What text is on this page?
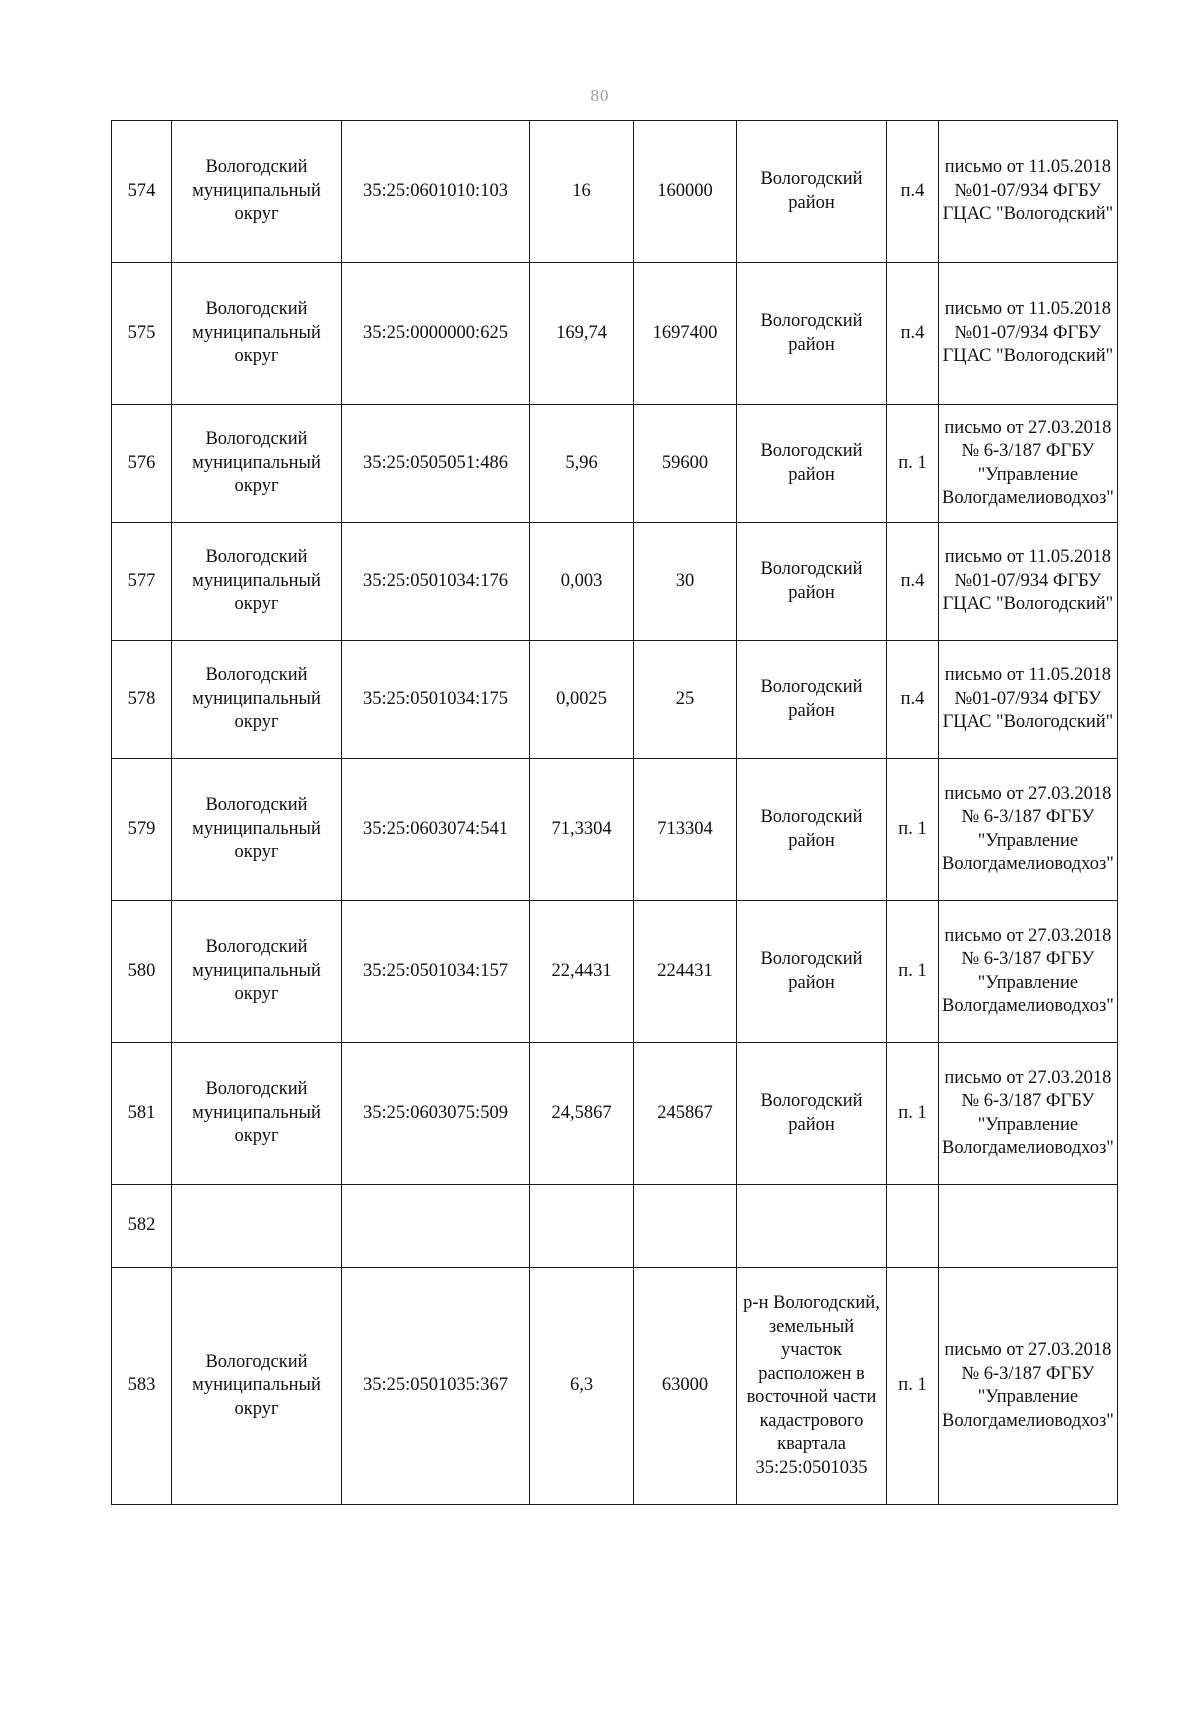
80
574	Вологодский муниципальный округ	35:25:0601010:103	16	160000	Вологодский район	п.4	письмо от 11.05.2018 №01-07/934 ФГБУ ГЦАС "Вологодский"
575	Вологодский муниципальный округ	35:25:0000000:625	169,74	1697400	Вологодский район	п.4	письмо от 11.05.2018 №01-07/934 ФГБУ ГЦАС "Вологодский"
576	Вологодский муниципальный округ	35:25:0505051:486	5,96	59600	Вологодский район	п. 1	письмо от 27.03.2018 № 6-3/187 ФГБУ "Управление Вологдамелиоводхоз"
577	Вологодский муниципальный округ	35:25:0501034:176	0,003	30	Вологодский район	п.4	письмо от 11.05.2018 №01-07/934 ФГБУ ГЦАС "Вологодский"
578	Вологодский муниципальный округ	35:25:0501034:175	0,0025	25	Вологодский район	п.4	письмо от 11.05.2018 №01-07/934 ФГБУ ГЦАС "Вологодский"
579	Вологодский муниципальный округ	35:25:0603074:541	71,3304	713304	Вологодский район	п. 1	письмо от 27.03.2018 № 6-3/187 ФГБУ "Управление Вологдамелиоводхоз"
580	Вологодский муниципальный округ	35:25:0501034:157	22,4431	224431	Вологодский район	п. 1	письмо от 27.03.2018 № 6-3/187 ФГБУ "Управление Вологдамелиоводхоз"
581	Вологодский муниципальный округ	35:25:0603075:509	24,5867	245867	Вологодский район	п. 1	письмо от 27.03.2018 № 6-3/187 ФГБУ "Управление Вологдамелиоводхоз"
582							
583	Вологодский муниципальный округ	35:25:0501035:367	6,3	63000	р-н Вологодский, земельный участок расположен в восточной части кадастрового квартала 35:25:0501035	п. 1	письмо от 27.03.2018 № 6-3/187 ФГБУ "Управление Вологдамелиоводхоз"
